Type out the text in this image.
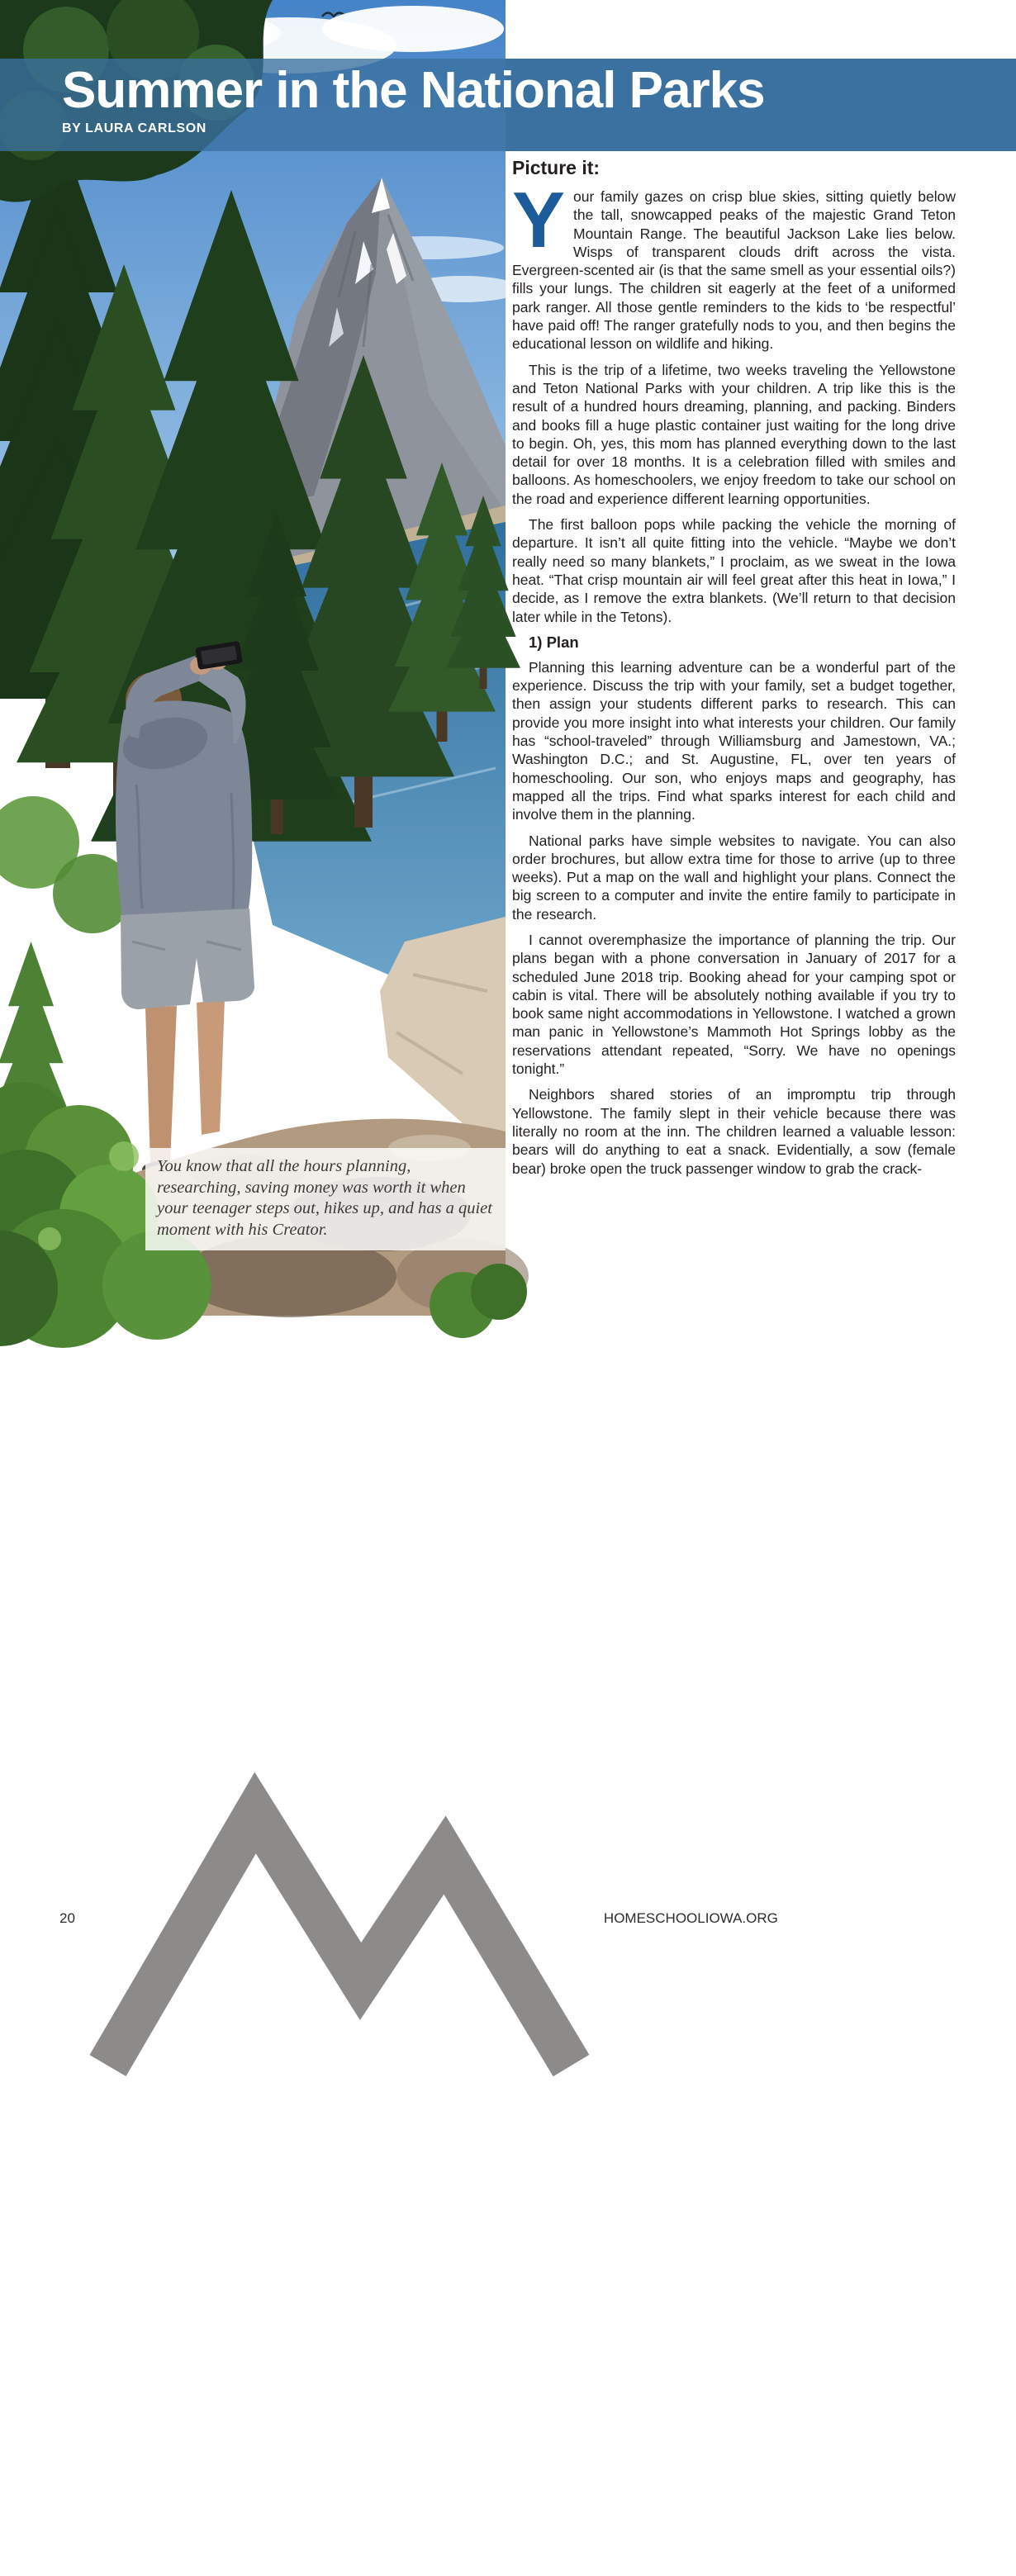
You know that all the hours planning, researching, saving money was worth it when your teenager steps out, hikes up, and has a quiet moment with his Creator.
20	HOMESCHOOLIOWA.ORG
Summer in the National Parks
BY LAURA CARLSON
Picture it:

Your family gazes on crisp blue skies, sitting quietly below the tall, snowcapped peaks of the majestic Grand Teton Mountain Range. The beautiful Jackson Lake lies below. Wisps of transparent clouds drift across the vista. Evergreen-scented air (is that the same smell as your essential oils?) fills your lungs. The children sit eagerly at the feet of a uniformed park ranger. All those gentle reminders to the kids to ‘be respectful’ have paid off! The ranger gratefully nods to you, and then begins the educational lesson on wildlife and hiking.

This is the trip of a lifetime, two weeks traveling the Yellowstone and Teton National Parks with your children. A trip like this is the result of a hundred hours dreaming, planning, and packing. Binders and books fill a huge plastic container just waiting for the long drive to begin. Oh, yes, this mom has planned everything down to the last detail for over 18 months. It is a celebration filled with smiles and balloons. As homeschoolers, we enjoy freedom to take our school on the road and experience different learning opportunities.

The first balloon pops while packing the vehicle the morning of departure. It isn’t all quite fitting into the vehicle. “Maybe we don’t really need so many blankets,” I proclaim, as we sweat in the Iowa heat. “That crisp mountain air will feel great after this heat in Iowa,” I decide, as I remove the extra blankets. (We’ll return to that decision later while in the Tetons).

1) Plan

Planning this learning adventure can be a wonderful part of the experience. Discuss the trip with your family, set a budget together, then assign your students different parks to research. This can provide you more insight into what interests your children. Our family has “school-traveled” through Williamsburg and Jamestown, VA.; Washington D.C.; and St. Augustine, FL, over ten years of homeschooling. Our son, who enjoys maps and geography, has mapped all the trips. Find what sparks interest for each child and involve them in the planning.

National parks have simple websites to navigate. You can also order brochures, but allow extra time for those to arrive (up to three weeks). Put a map on the wall and highlight your plans. Connect the big screen to a computer and invite the entire family to participate in the research.

I cannot overemphasize the importance of planning the trip. Our plans began with a phone conversation in January of 2017 for a scheduled June 2018 trip. Booking ahead for your camping spot or cabin is vital. There will be absolutely nothing available if you try to book same night accommodations in Yellowstone. I watched a grown man panic in Yellowstone’s Mammoth Hot Springs lobby as the reservations attendant repeated, “Sorry. We have no openings tonight.”

Neighbors shared stories of an impromptu trip through Yellowstone. The family slept in their vehicle because there was literally no room at the inn. The children learned a valuable lesson: bears will do anything to eat a snack. Evidentially, a sow (female bear) broke open the truck passenger window to grab the crack-
